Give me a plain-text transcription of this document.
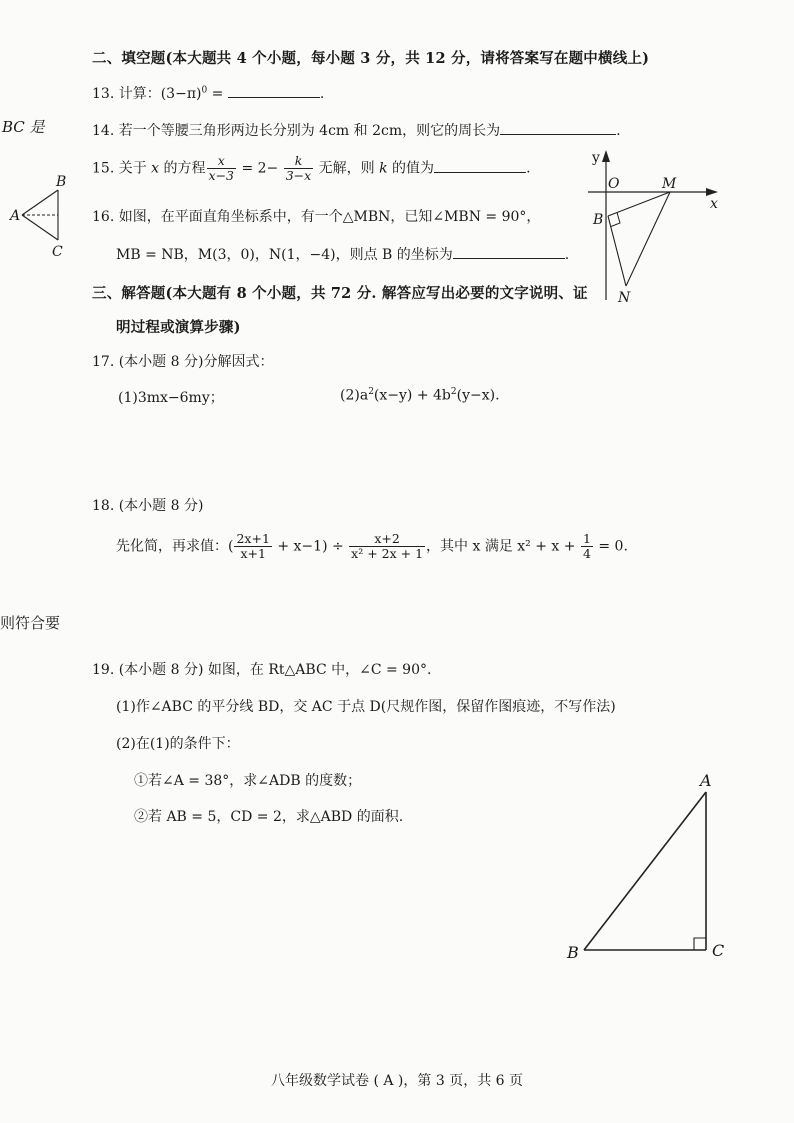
二、填空题(本大题共 4 个小题，每小题 3 分，共 12 分，请将答案写在题中横线上)
13. 计算：$(3-\pi)^0$ =	.
BC 是	14. 若一个等腰三角形两边长分别为 4cm 和 2cm，则它的周长为	.
15. 关于 x 的方程 $\frac{x}{x-3} = 2- \frac{k}{3-x}$ 无解，则 k 的值为	.
B
A
C
16. 如图，在平面直角坐标系中，有一个△MBN，已知∠MBN = 90°，
MB = NB，M(3，0)，N(1，−4)，则点 B 的坐标为	.
y
x
O	M
B
N
三、解答题(本大题有 8 个小题，共 72 分. 解答应写出必要的文字说明、证
明过程或演算步骤)
17. (本小题 8 分)分解因式：
(1)3mx−6my；	$(2)a^2(x-y) + 4b^2(y-x)$.
18. (本小题 8 分)
先化简，再求值：( $\frac{2x+1}{x+1} + x-1) \div \frac{x+2}{\text{x² + 2x + 1}}$ ，其中 x 满足 $x^2 + x + \frac{1}{4} = 0$.
则符合要
19. (本小题 8 分) 如图，在 Rt△ABC 中，∠C = 90°.
(1)作∠ABC 的平分线 BD，交 AC 于点 D(尺规作图，保留作图痕迹，不写作法)
(2)在(1)的条件下：
①若∠A = 38°，求∠ADB 的度数；
②若 AB = 5，CD = 2，求△ABD 的面积.
A
B	C
八年级数学试卷 ( A )，第 3 页，共 6 页
